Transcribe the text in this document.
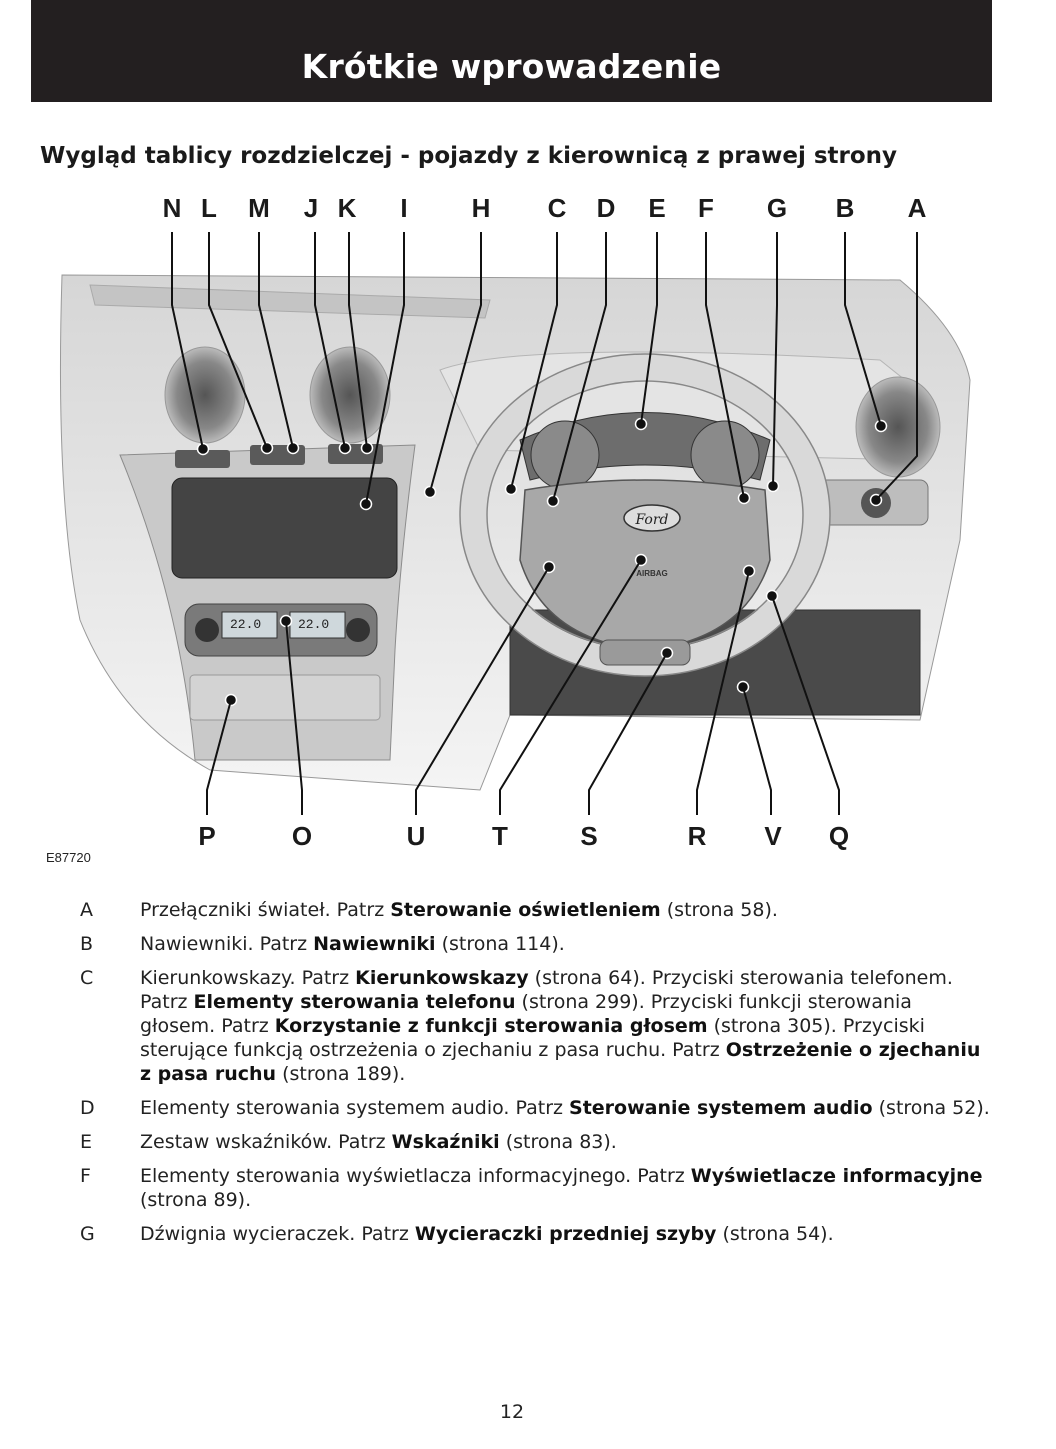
Krótkie wprowadzenie
Wygląd tablicy rozdzielczej - pojazdy z kierownicą z prawej strony
Ford
AIRBAG
N L M J K I H C D E F G B A
P	O	U	T	S	R V Q
22.0	22.0
E87720
A Przełączniki świateł. Patrz Sterowanie oświetleniem (strona 58).
B Nawiewniki. Patrz Nawiewniki (strona 114).
C Kierunkowskazy. Patrz Kierunkowskazy (strona 64). Przyciski sterowania telefonem. Patrz Elementy sterowania telefonu (strona 299). Przyciski funkcji sterowania głosem. Patrz Korzystanie z funkcji sterowania głosem (strona 305). Przyciski sterujące funkcją ostrzeżenia o zjechaniu z pasa ruchu. Patrz Ostrzeżenie o zjechaniu z pasa ruchu (strona 189).
D Elementy sterowania systemem audio. Patrz Sterowanie systemem audio (strona 52).
E	Zestaw wskaźników. Patrz Wskaźniki (strona 83).
F	Elementy sterowania wyświetlacza informacyjnego. Patrz Wyświetlacze informacyjne (strona 89).
G Dźwignia wycieraczek. Patrz Wycieraczki przedniej szyby (strona 54).
12
